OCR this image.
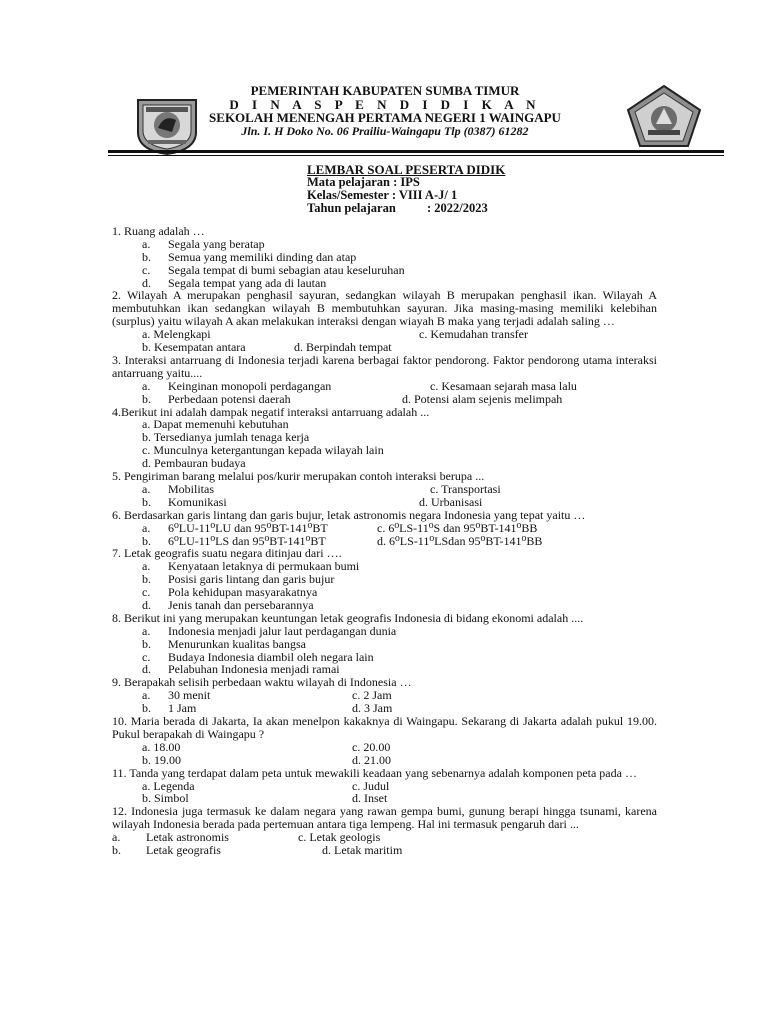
PEMERINTAH KABUPATEN SUMBA TIMUR
D I N A S P E N D I D I K A N
SEKOLAH MENENGAH PERTAMA NEGERI 1 WAINGAPU
Jln. I. H Doko No. 06 Prailiu-Waingapu Tlp (0387) 61282
LEMBAR SOAL PESERTA DIDIK
Mata pelajaran : IPS
Kelas/Semester : VIII A-J/ 1
Tahun pelajaran : 2022/2023
1. Ruang adalah …
a. Segala yang beratap
b. Semua yang memiliki dinding dan atap
c. Segala tempat di bumi sebagian atau keseluruhan
d. Segala tempat yang ada di lautan
2. Wilayah A merupakan penghasil sayuran, sedangkan wilayah B merupakan penghasil ikan. Wilayah A membutuhkan ikan sedangkan wilayah B membutuhkan sayuran. Jika masing-masing memiliki kelebihan (surplus) yaitu wilayah A akan melakukan interaksi dengan wiayah B maka yang terjadi adalah saling …
a. Melengkapi	c. Kemudahan transfer
b. Kesempatan antara	d. Berpindah tempat
3. Interaksi antarruang di Indonesia terjadi karena berbagai faktor pendorong. Faktor pendorong utama interaksi antarruang yaitu....
a. Keinginan monopoli perdagangan	c. Kesamaan sejarah masa lalu
b. Perbedaan potensi daerah	d. Potensi alam sejenis melimpah
4.Berikut ini adalah dampak negatif interaksi antarruang adalah ...
a. Dapat memenuhi kebutuhan
b. Tersedianya jumlah tenaga kerja
c. Munculnya ketergantungan kepada wilayah lain
d. Pembauran budaya
5. Pengiriman barang melalui pos/kurir merupakan contoh interaksi berupa ...
a. Mobilitas	c. Transportasi
b. Komunikasi	d. Urbanisasi
6. Berdasarkan garis lintang dan garis bujur, letak astronomis negara Indonesia yang tepat yaitu …
a. 6⁰LU-11⁰LU dan 95⁰BT-141⁰BT	c. 6⁰LS-11⁰S dan 95⁰BT-141⁰BB
b. 6⁰LU-11⁰LS dan 95⁰BT-141⁰BT	d. 6⁰LS-11⁰LSdan 95⁰BT-141⁰BB
7. Letak geografis suatu negara ditinjau dari ….
a. Kenyataan letaknya di permukaan bumi
b. Posisi garis lintang dan garis bujur
c. Pola kehidupan masyarakatnya
d. Jenis tanah dan persebarannya
8. Berikut ini yang merupakan keuntungan letak geografis Indonesia di bidang ekonomi adalah ....
a. Indonesia menjadi jalur laut perdagangan dunia
b. Menurunkan kualitas bangsa
c. Budaya Indonesia diambil oleh negara lain
d. Pelabuhan Indonesia menjadi ramai
9. Berapakah selisih perbedaan waktu wilayah di Indonesia …
a. 30 menit	c. 2 Jam
b. 1 Jam	d. 3 Jam
10. Maria berada di Jakarta, Ia akan menelpon kakaknya di Waingapu. Sekarang di Jakarta adalah pukul 19.00. Pukul berapakah di Waingapu ?
a. 18.00	c. 20.00
b. 19.00	d. 21.00
11. Tanda yang terdapat dalam peta untuk mewakili keadaan yang sebenarnya adalah komponen peta pada …
a. Legenda	c. Judul
b. Simbol	d. Inset
12. Indonesia juga termasuk ke dalam negara yang rawan gempa bumi, gunung berapi hingga tsunami, karena wilayah Indonesia berada pada pertemuan antara tiga lempeng. Hal ini termasuk pengaruh dari ...
a. Letak astronomis	c. Letak geologis
b. Letak geografis	d. Letak maritim
